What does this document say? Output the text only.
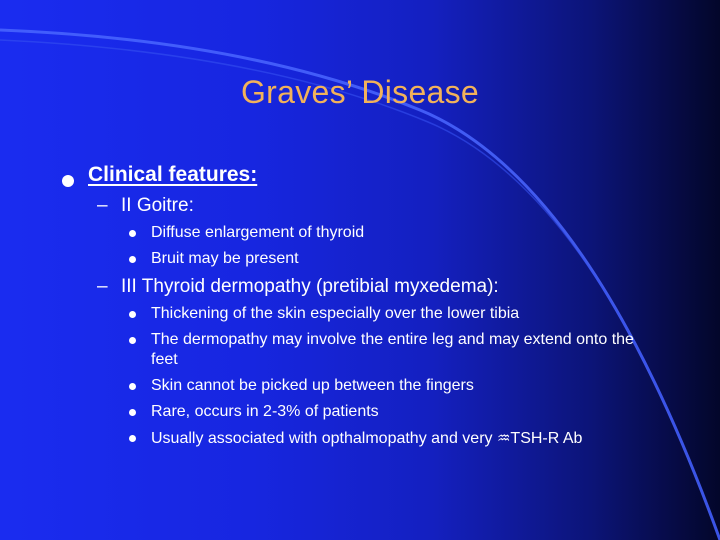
Graves’ Disease
Clinical features:
– II Goitre:
Diffuse enlargement of thyroid
Bruit may be present
– III Thyroid dermopathy (pretibial myxedema):
Thickening of the skin especially over the lower tibia
The dermopathy may involve the entire leg and may extend onto the feet
Skin cannot be picked up between the fingers
Rare, occurs in 2-3% of patients
Usually associated with opthalmopathy and very ♒TSH-R Ab
